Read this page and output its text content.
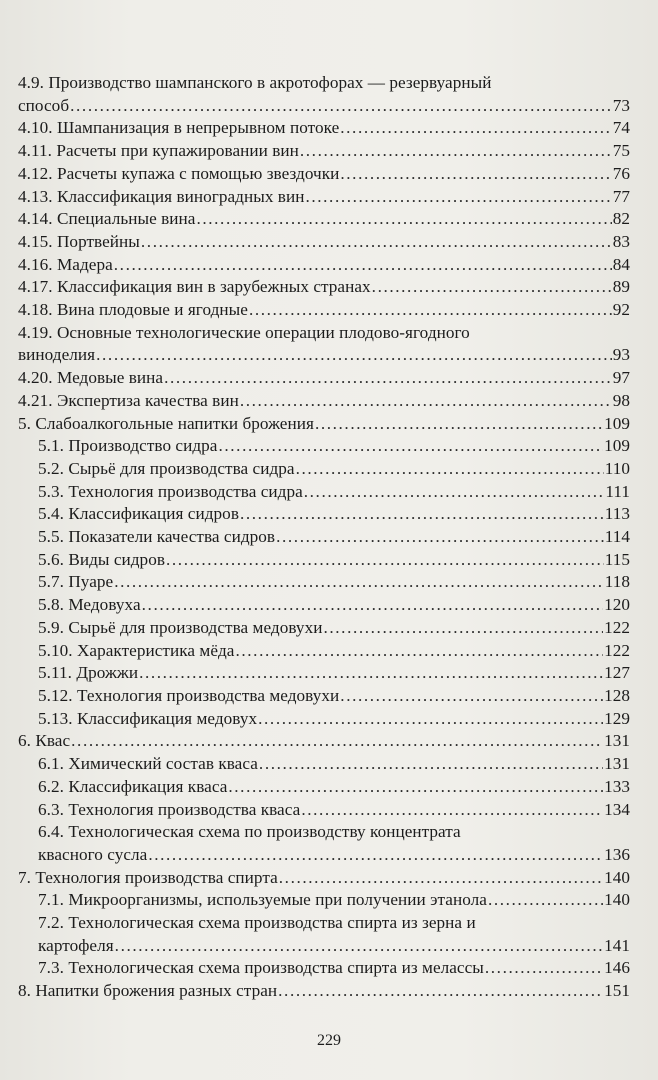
4.9. Производство шампанского в акротофорах — резервуарный
способ .....	73
4.10. Шампанизация в непрерывном потоке .....	74
4.11. Расчеты при купажировании вин .....	75
4.12. Расчеты купажа с помощью звездочки .....	76
4.13. Классификация виноградных вин .....	77
4.14. Специальные вина .....	82
4.15. Портвейны .....	83
4.16. Мадера .....	84
4.17. Классификация вин в зарубежных странах .....	89
4.18. Вина плодовые и ягодные .....	92
4.19. Основные технологические операции плодово-ягодного
виноделия .....	93
4.20. Медовые вина .....	97
4.21. Экспертиза качества вин .....	98
5. Слабоалкогольные напитки брожения .....	109
5.1. Производство сидра .....	109
5.2. Сырьё для производства сидра .....	110
5.3. Технология производства сидра .....	111
5.4. Классификация сидров .....	113
5.5. Показатели качества сидров .....	114
5.6. Виды сидров .....	115
5.7. Пуаре .....	118
5.8. Медовуха .....	120
5.9. Сырьё для производства медовухи .....	122
5.10. Характеристика мёда .....	122
5.11. Дрожжи .....	127
5.12. Технология производства медовухи .....	128
5.13. Классификация медовух .....	129
6. Квас .....	131
6.1. Химический состав кваса .....	131
6.2. Классификация кваса .....	133
6.3. Технология производства кваса .....	134
6.4. Технологическая схема по производству концентрата
квасного сусла .....	136
7. Технология производства спирта .....	140
7.1. Микроорганизмы, используемые при получении этанола .....	140
7.2. Технологическая схема производства спирта из зерна и
картофеля .....	141
7.3. Технологическая схема производства спирта из мелассы .....	146
8. Напитки брожения разных стран .....	151
229
